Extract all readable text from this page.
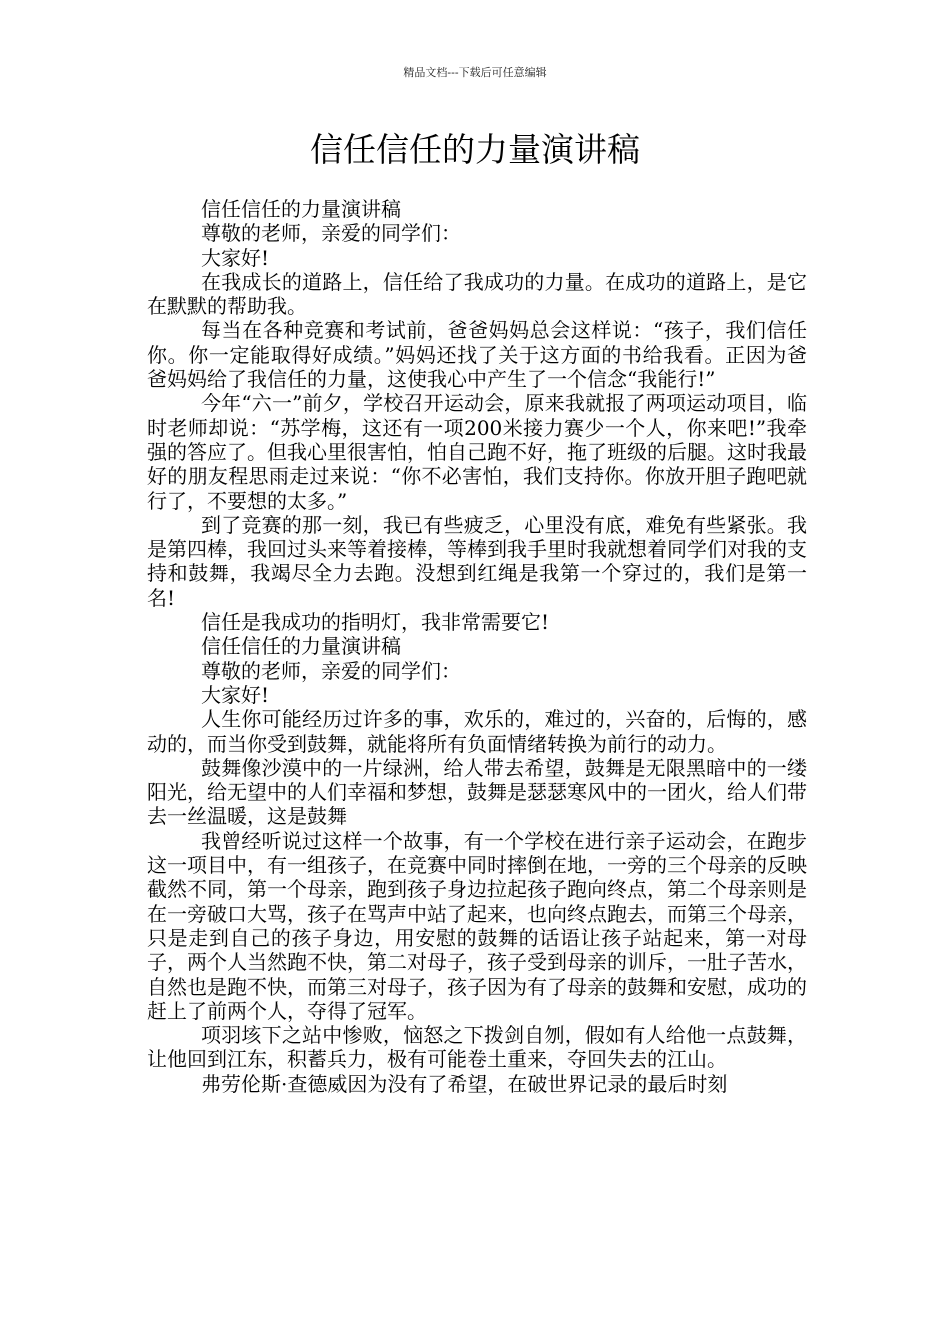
精品文档---下载后可任意编辑
信任信任的力量演讲稿

信任信任的力量演讲稿

尊敬的老师，亲爱的同学们：

大家好!

在我成长的道路上，信任给了我成功的力量。在成功的道路上，是它在默默的帮助我。

每当在各种竞赛和考试前，爸爸妈妈总会这样说：“孩子，我们信任你。你一定能取得好成绩。”妈妈还找了关于这方面的书给我看。正因为爸爸妈妈给了我信任的力量，这使我心中产生了一个信念“我能行!”

今年“六一”前夕，学校召开运动会，原来我就报了两项运动项目，临时老师却说：“苏学梅，这还有一项200米接力赛少一个人，你来吧!”我牵强的答应了。但我心里很害怕，怕自己跑不好，拖了班级的后腿。这时我最好的朋友程思雨走过来说：“你不必害怕，我们支持你。你放开胆子跑吧就行了，不要想的太多。”

到了竞赛的那一刻，我已有些疲乏，心里没有底，难免有些紧张。我是第四棒，我回过头来等着接棒，等棒到我手里时我就想着同学们对我的支持和鼓舞，我竭尽全力去跑。没想到红绳是我第一个穿过的，我们是第一名!

信任是我成功的指明灯，我非常需要它!

信任信任的力量演讲稿

尊敬的老师，亲爱的同学们：

大家好!

人生你可能经历过许多的事，欢乐的，难过的，兴奋的，后悔的，感动的，而当你受到鼓舞，就能将所有负面情绪转换为前行的动力。

鼓舞像沙漠中的一片绿洲，给人带去希望，鼓舞是无限黑暗中的一缕阳光，给无望中的人们幸福和梦想，鼓舞是瑟瑟寒风中的一团火，给人们带去一丝温暖，这是鼓舞

我曾经听说过这样一个故事，有一个学校在进行亲子运动会，在跑步这一项目中，有一组孩子，在竞赛中同时摔倒在地，一旁的三个母亲的反映截然不同，第一个母亲，跑到孩子身边拉起孩子跑向终点，第二个母亲则是在一旁破口大骂，孩子在骂声中站了起来，也向终点跑去，而第三个母亲，只是走到自己的孩子身边，用安慰的鼓舞的话语让孩子站起来，第一对母子，两个人当然跑不快，第二对母子，孩子受到母亲的训斥，一肚子苦水，自然也是跑不快，而第三对母子，孩子因为有了母亲的鼓舞和安慰，成功的赶上了前两个人，夺得了冠军。

项羽垓下之站中惨败，恼怒之下拨剑自刎，假如有人给他一点鼓舞，让他回到江东，积蓄兵力，极有可能卷土重来，夺回失去的江山。

弗劳伦斯·查德威因为没有了希望，在破世界记录的最后时刻
